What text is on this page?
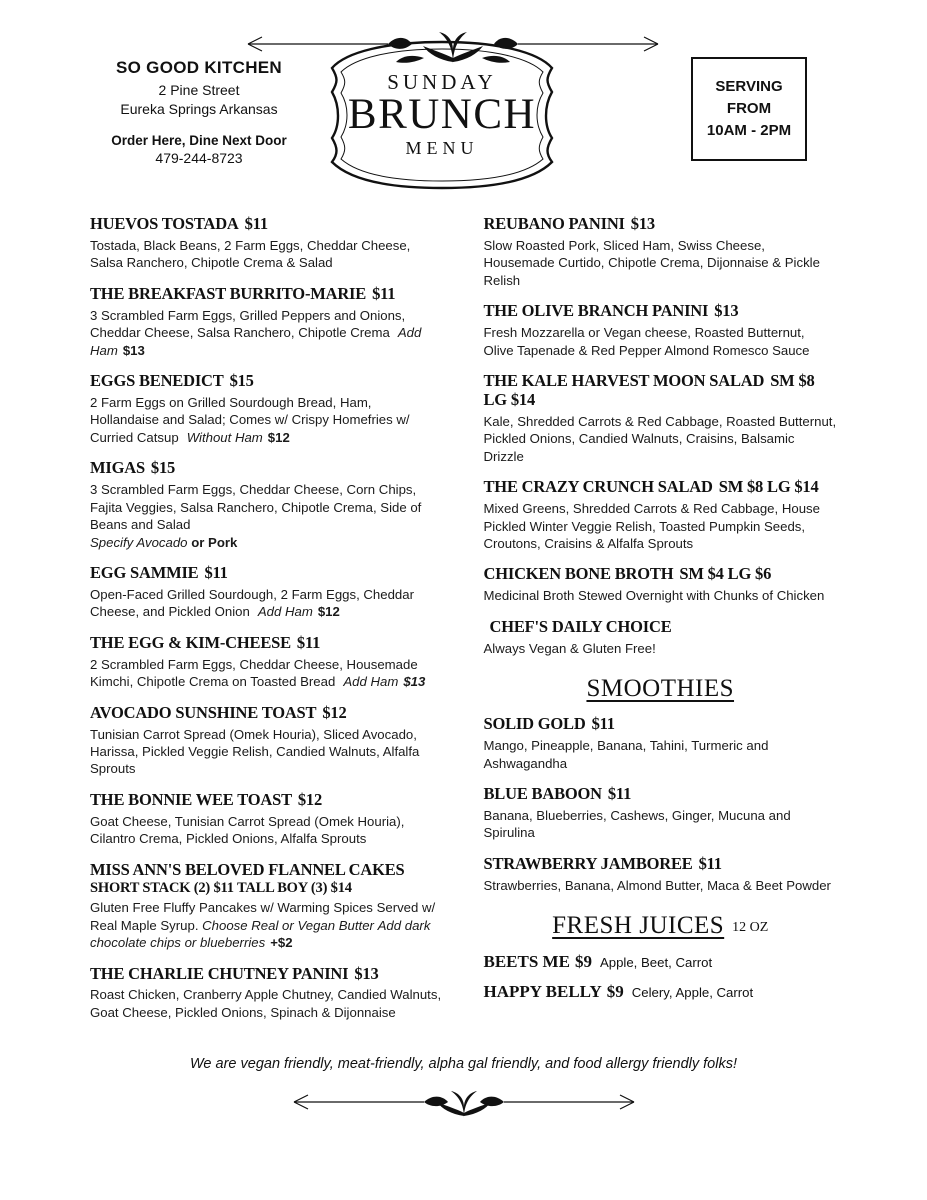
SO GOOD KITCHEN
2 Pine Street
Eureka Springs Arkansas
Order Here, Dine Next Door
479-244-8723
SUNDAY
BRUNCH
MENU
SERVING
FROM
10AM - 2PM
HUEVOS TOSTADA $11
Tostada, Black Beans, 2 Farm Eggs, Cheddar Cheese, Salsa Ranchero, Chipotle Crema & Salad
THE BREAKFAST BURRITO-MARIE $11
3 Scrambled Farm Eggs, Grilled Peppers and Onions, Cheddar Cheese, Salsa Ranchero, Chipotle Crema Add Ham $13
EGGS BENEDICT $15
2 Farm Eggs on Grilled Sourdough Bread, Ham, Hollandaise and Salad; Comes w/ Crispy Homefries w/ Curried Catsup Without Ham $12
MIGAS $15
3 Scrambled Farm Eggs, Cheddar Cheese, Corn Chips, Fajita Veggies, Salsa Ranchero, Chipotle Crema, Side of Beans and Salad
Specify Avocado or Pork
EGG SAMMIE $11
Open-Faced Grilled Sourdough, 2 Farm Eggs, Cheddar Cheese, and Pickled Onion Add Ham $12
THE EGG & KIM-CHEESE $11
2 Scrambled Farm Eggs, Cheddar Cheese, Housemade Kimchi, Chipotle Crema on Toasted Bread Add Ham $13
AVOCADO SUNSHINE TOAST $12
Tunisian Carrot Spread (Omek Houria), Sliced Avocado, Harissa, Pickled Veggie Relish, Candied Walnuts, Alfalfa Sprouts
THE BONNIE WEE TOAST $12
Goat Cheese, Tunisian Carrot Spread (Omek Houria), Cilantro Crema, Pickled Onions, Alfalfa Sprouts
MISS ANN'S BELOVED FLANNEL CAKES
SHORT STACK (2) $11 TALL BOY (3) $14
Gluten Free Fluffy Pancakes w/ Warming Spices Served w/ Real Maple Syrup. Choose Real or Vegan Butter Add dark chocolate chips or blueberries +$2
THE CHARLIE CHUTNEY PANINI $13
Roast Chicken, Cranberry Apple Chutney, Candied Walnuts, Goat Cheese, Pickled Onions, Spinach & Dijonnaise
REUBANO PANINI $13
Slow Roasted Pork, Sliced Ham, Swiss Cheese, Housemade Curtido, Chipotle Crema, Dijonnaise & Pickle Relish
THE OLIVE BRANCH PANINI $13
Fresh Mozzarella or Vegan cheese, Roasted Butternut, Olive Tapenade & Red Pepper Almond Romesco Sauce
THE KALE HARVEST MOON SALAD SM $8 LG $14
Kale, Shredded Carrots & Red Cabbage, Roasted Butternut, Pickled Onions, Candied Walnuts, Craisins, Balsamic Drizzle
THE CRAZY CRUNCH SALAD SM $8 LG $14
Mixed Greens, Shredded Carrots & Red Cabbage, House Pickled Winter Veggie Relish, Toasted Pumpkin Seeds, Croutons, Craisins & Alfalfa Sprouts
CHICKEN BONE BROTH SM $4 LG $6
Medicinal Broth Stewed Overnight with Chunks of Chicken
CHEF'S DAILY CHOICE
Always Vegan & Gluten Free!
SMOOTHIES
SOLID GOLD $11
Mango, Pineapple, Banana, Tahini, Turmeric and Ashwagandha
BLUE BABOON $11
Banana, Blueberries, Cashews, Ginger, Mucuna and Spirulina
STRAWBERRY JAMBOREE $11
Strawberries, Banana, Almond Butter, Maca & Beet Powder
FRESH JUICES 12 OZ
BEETS ME $9 Apple, Beet, Carrot
HAPPY BELLY $9 Celery, Apple, Carrot
We are vegan friendly, meat-friendly, alpha gal friendly, and food allergy friendly folks!
